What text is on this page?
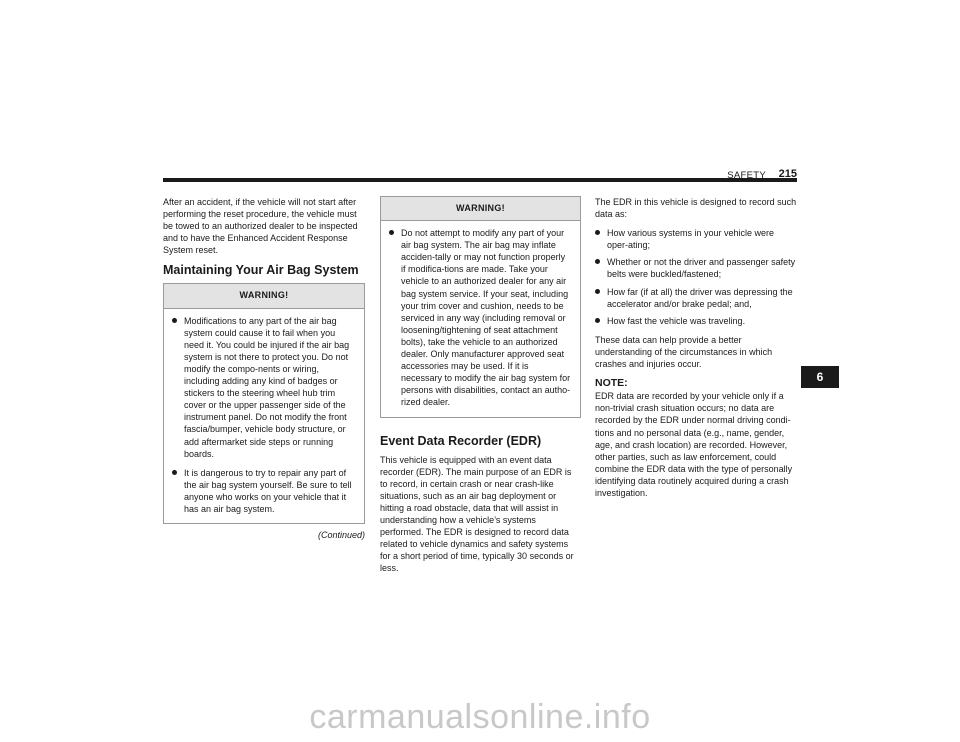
SAFETY	215

After an accident, if the vehicle will not start after performing the reset procedure, the vehicle must be towed to an authorized dealer to be inspected and to have the Enhanced Accident Response System reset.

Maintaining Your Air Bag System
WARNING!
Modifications to any part of the air bag system could cause it to fail when you need it. You could be injured if the air bag system is not there to protect you. Do not modify the compo-nents or wiring, including adding any kind of badges or stickers to the steering wheel hub trim cover or the upper passenger side of the instrument panel. Do not modify the front fascia/bumper, vehicle body structure, or add aftermarket side steps or running boards.
It is dangerous to try to repair any part of the air bag system yourself. Be sure to tell anyone who works on your vehicle that it has an air bag system.
(Continued)
WARNING!
Do not attempt to modify any part of your air bag system. The air bag may inflate acciden-tally or may not function properly if modifica-tions are made. Take your vehicle to an authorized dealer for any air bag system service. If your seat, including your trim cover and cushion, needs to be serviced in any way (including removal or loosening/tightening of seat attachment bolts), take the vehicle to an authorized dealer. Only manufacturer approved seat accessories may be used. If it is necessary to modify the air bag system for persons with disabilities, contact an autho-rized dealer.
Event Data Recorder (EDR)

This vehicle is equipped with an event data recorder (EDR). The main purpose of an EDR is to record, in certain crash or near crash-like situations, such as an air bag deployment or hitting a road obstacle, data that will assist in understanding how a vehicle’s systems performed. The EDR is designed to record data related to vehicle dynamics and safety systems for a short period of time, typically 30 seconds or less.

The EDR in this vehicle is designed to record such data as:

How various systems in your vehicle were oper-ating;
Whether or not the driver and passenger safety belts were buckled/fastened;
How far (if at all) the driver was depressing the accelerator and/or brake pedal; and,
How fast the vehicle was traveling.

These data can help provide a better understanding of the circumstances in which crashes and injuries occur.

NOTE:

EDR data are recorded by your vehicle only if a non-trivial crash situation occurs; no data are recorded by the EDR under normal driving condi-tions and no personal data (e.g., name, gender, age, and crash location) are recorded. However, other parties, such as law enforcement, could combine the EDR data with the type of personally identifying data routinely acquired during a crash investigation.

6
carmanualsonline.info
